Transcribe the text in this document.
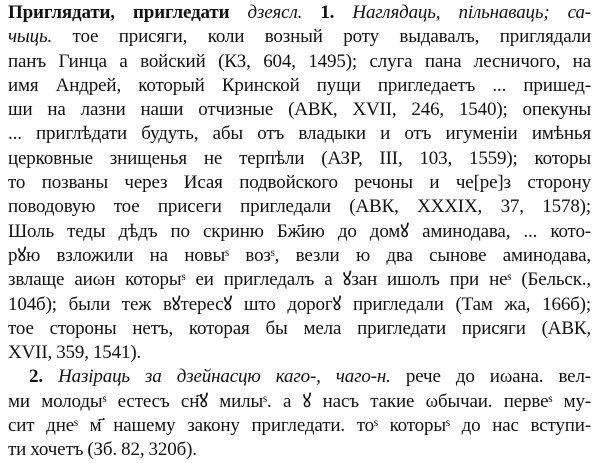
Приглядати, пригледати дзеясл. 1. Наглядаць, пільнаваць; са-
чыць. тое присяги, коли возный роту выдавалъ, приглядали
панъ Гинца а войский (КЗ, 604, 1495); слуга пана лесничого, на
имя Андрей, который Кринской пущи пригледаетъ ... пришед-
ши на лазни наши отчизные (АВК, XVII, 246, 1540); опекуны
... приглѣдати будуть, абы отъ владыки и отъ игуменіи имѣнья
церковные знищенья не терпѣли (АЗР, III, 103, 1559); которы
то позваны через Исая подвойского речоны и че[ре]з сторону
поводовую тое присеги пригледали (АВК, XXXIX, 37, 1578);
Шоль теды дѣдъ по скриню Бж҃ию до домꙋ аминодава, ... кото-
рꙋю взложили на новыˢ возˢ, везли ю два сынове аминодава,
звлаще аиωн которыˢ еи пригледалъ а ꙋзан ишолъ при неˢ (Бельск.,
104б); были теж вꙋтересꙋ што дорогꙋ пригледали (Там жа, 166б);
тое стороны нетъ, которая бы мела пригледати присяги (АВК,
XVII, 359, 1541).
2. Назіраць за дзейнасцю каго-, чаго-н. рече до иωана. вел-
ми молодыˢ естесъ сн҃ꙋ милыˢ. а ꙋ насъ такие ωбычаи. первеˢ му-
сит днеˢ м҃ нашему закону пригледати. тоˢ которыˢ до нас вступи-
ти хочетъ (Зб. 82, 320б).
